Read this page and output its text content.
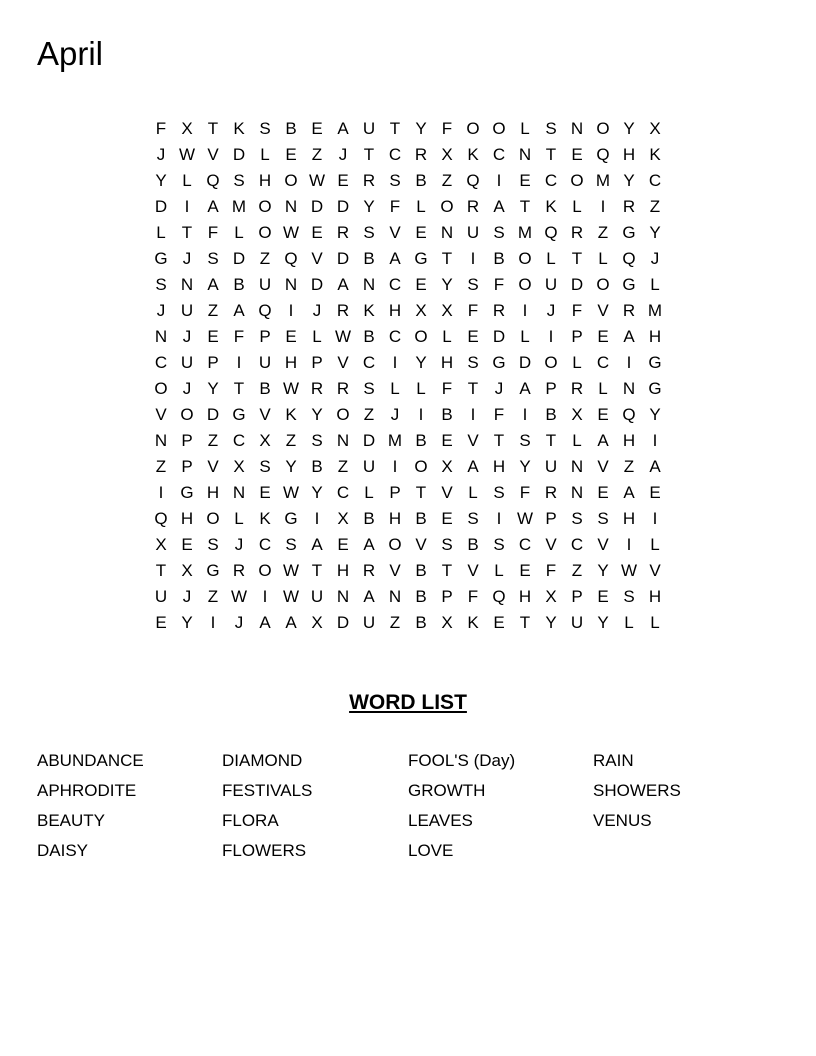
April
F	X	T	K	S	B	E	A	U	T	Y	F	O	O	L	S	N	O	Y	X
J	W	V	D	L	E	Z	J	T	C	R	X	K	C	N	T	E	Q	H	K
Y	L	Q	S	H	O	W	E	R	S	B	Z	Q	I	E	C	O	M	Y	C
D	I	A	M	O	N	D	D	Y	F	L	O	R	A	T	K	L	I	R	Z
L	T	F	L	O	W	E	R	S	V	E	N	U	S	M	Q	R	Z	G	Y
G	J	S	D	Z	Q	V	D	B	A	G	T	I	B	O	L	T	L	Q	J
S	N	A	B	U	N	D	A	N	C	E	Y	S	F	O	U	D	O	G	L
J	U	Z	A	Q	I	J	R	K	H	X	X	F	R	I	J	F	V	R	M
N	J	E	F	P	E	L	W	B	C	O	L	E	D	L	I	P	E	A	H
C	U	P	I	U	H	P	V	C	I	Y	H	S	G	D	O	L	C	I	G
O	J	Y	T	B	W	R	R	S	L	L	F	T	J	A	P	R	L	N	G
V	O	D	G	V	K	Y	O	Z	J	I	B	I	F	I	B	X	E	Q	Y
N	P	Z	C	X	Z	S	N	D	M	B	E	V	T	S	T	L	A	H	I
Z	P	V	X	S	Y	B	Z	U	I	O	X	A	H	Y	U	N	V	Z	A
I	G	H	N	E	W	Y	C	L	P	T	V	L	S	F	R	N	E	A	E
Q	H	O	L	K	G	I	X	B	H	B	E	S	I	W	P	S	S	H	I
X	E	S	J	C	S	A	E	A	O	V	S	B	S	C	V	C	V	I	L
T	X	G	R	O	W	T	H	R	V	B	T	V	L	E	F	Z	Y	W	V
U	J	Z	W	I	W	U	N	A	N	B	P	F	Q	H	X	P	E	S	H
E	Y	I	J	A	A	X	D	U	Z	B	X	K	E	T	Y	U	Y	L	L
WORD LIST
ABUNDANCE
APHRODITE
BEAUTY
DAISY
DIAMOND
FESTIVALS
FLORA
FLOWERS
FOOL'S (Day)
GROWTH
LEAVES
LOVE
RAIN
SHOWERS
VENUS
